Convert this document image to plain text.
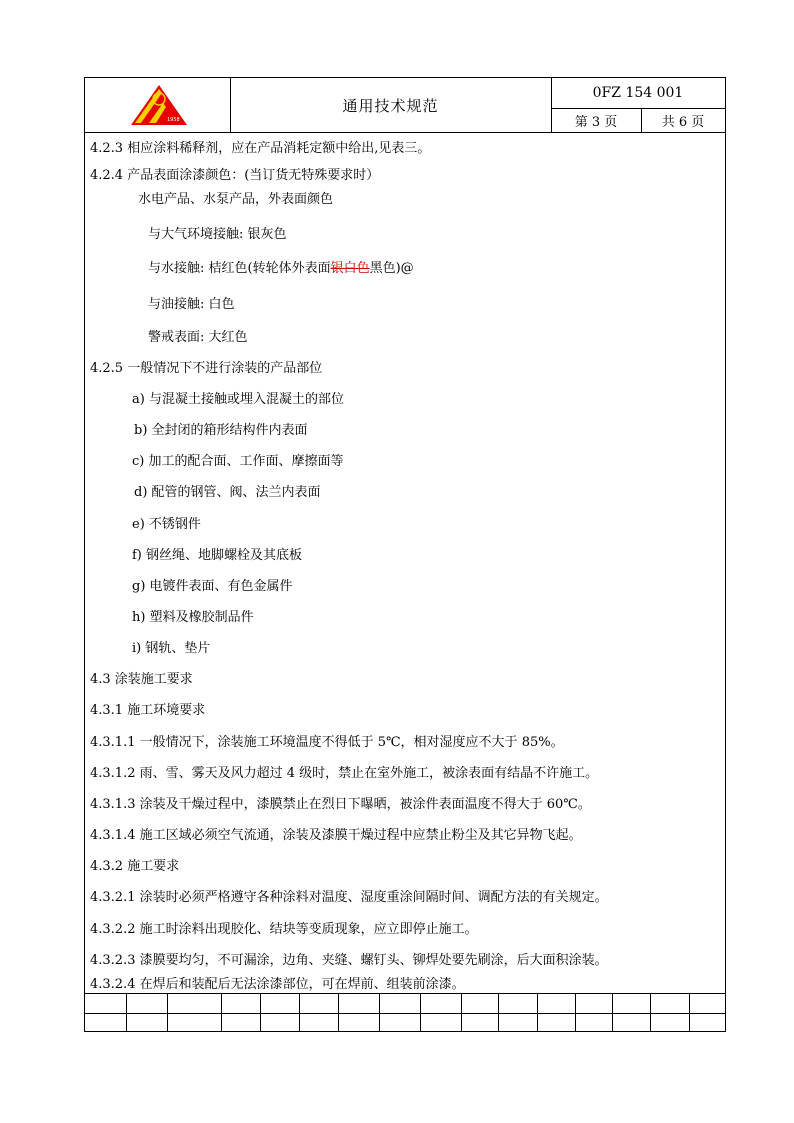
1958
通用技术规范
0FZ 154 001
第 3 页	共 6 页
4.2.3 相应涂料稀释剂，应在产品消耗定额中给出,见表三。
4.2.4 产品表面涂漆颜色：(当订货无特殊要求时）
水电产品、水泵产品，外表面颜色
与大气环境接触: 银灰色
与水接触: 桔红色(转轮体外表面银白色黑色)@
与油接触: 白色
警戒表面: 大红色
4.2.5 一般情况下不进行涂装的产品部位
a) 与混凝土接触或埋入混凝土的部位
b) 全封闭的箱形结构件内表面
c) 加工的配合面、工作面、摩擦面等
d) 配管的钢管、阀、法兰内表面
e) 不锈钢件
f) 钢丝绳、地脚螺栓及其底板
g) 电镀件表面、有色金属件
h) 塑料及橡胶制品件
i) 钢轨、垫片
4.3 涂装施工要求
4.3.1 施工环境要求
4.3.1.1 一般情况下，涂装施工环境温度不得低于 5℃，相对湿度应不大于 85%。
4.3.1.2 雨、雪、雾天及风力超过 4 级时，禁止在室外施工，被涂表面有结晶不许施工。
4.3.1.3 涂装及干燥过程中，漆膜禁止在烈日下曝晒，被涂件表面温度不得大于 60℃。
4.3.1.4 施工区域必须空气流通，涂装及漆膜干燥过程中应禁止粉尘及其它异物飞起。
4.3.2 施工要求
4.3.2.1 涂装时必须严格遵守各种涂料对温度、湿度重涂间隔时间、调配方法的有关规定。
4.3.2.2 施工时涂料出现胶化、结块等变质现象，应立即停止施工。
4.3.2.3 漆膜要均匀，不可漏涂，边角、夹缝、螺钉头、铆焊处要先刷涂，后大面积涂装。
4.3.2.4 在焊后和装配后无法涂漆部位，可在焊前、组装前涂漆。
